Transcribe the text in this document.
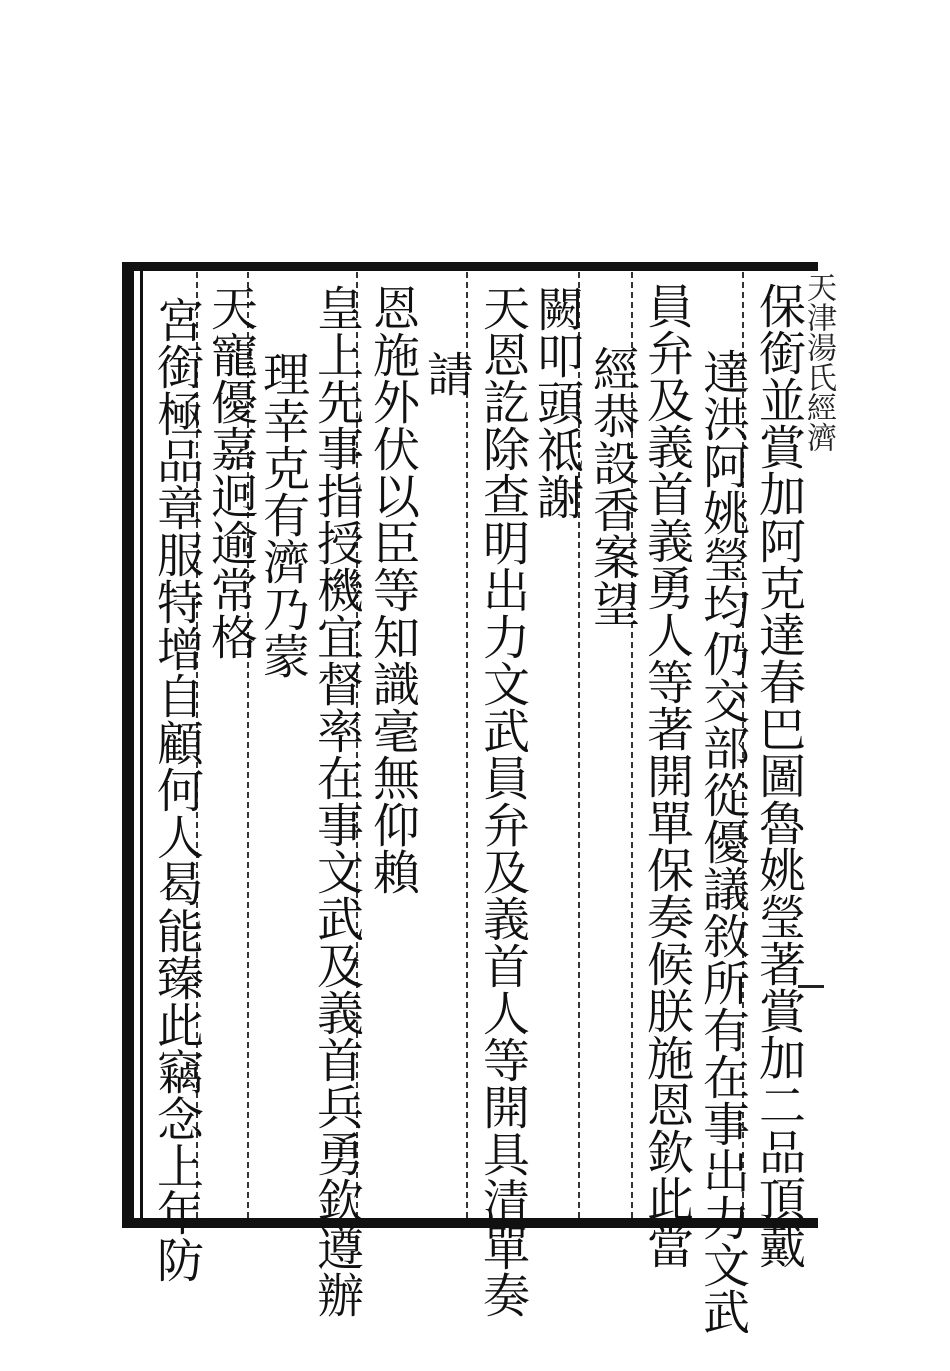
天津湯氏經濟
保銜並賞加阿克達春巴圖魯姚瑩著賞加二品頂戴
達洪阿姚瑩均仍交部從優議敘所有在事出力文武
員弁及義首義勇人等著開單保奏候朕施恩欽此當
經恭設香案望
闕叩頭祗謝
天恩訖除查明出力文武員弁及義首人等開具清單奏
請
恩施外伏以臣等知識毫無仰賴
皇上先事指授機宜督率在事文武及義首兵勇欽遵辦
理幸克有濟乃蒙
天寵優嘉迥逾常格
宮銜極品章服特增自顧何人曷能臻此竊念上年防
